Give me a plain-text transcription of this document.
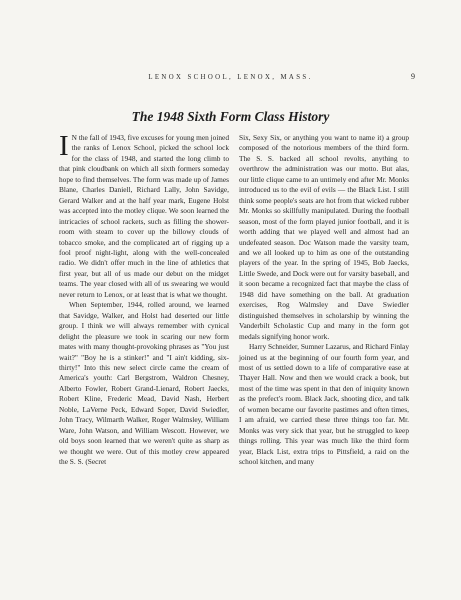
LENOX SCHOOL, LENOX, MASS.	9
The 1948 Sixth Form Class History

I N the fall of 1943, five excuses for young men joined the ranks of Lenox School, picked the school lock for the class of 1948, and started the long climb to that pink cloudbank on which all sixth formers someday hope to find themselves. The form was made up of James Blane, Charles Daniell, Richard Lally, John Savidge, Gerard Walker and at the half year mark, Eugene Holst was accepted into the motley clique. We soon learned the intricacies of school rackets, such as filling the shower-room with steam to cover up the billowy clouds of tobacco smoke, and the complicated art of rigging up a fool proof night-light, along with the well-concealed radio. We didn't offer much in the line of athletics that first year, but all of us made our debut on the midget teams. The year closed with all of us swearing we would never return to Lenox, or at least that is what we thought.

When September, 1944, rolled around, we learned that Savidge, Walker, and Holst had deserted our little group. I think we will always remember with cynical delight the pleasure we took in scaring our new form mates with many thought-provoking phrases as "You just wait?" "Boy he is a stinker!" and "I ain't kidding, six-thirty!" Into this new select circle came the cream of America's youth: Carl Bergstrom, Waldron Chesney, Alberto Fowler, Robert Grand-Lienard, Robert Jaecks, Robert Kline, Frederic Mead, David Nash, Herbert Noble, LaVerne Peck, Edward Soper, David Swiedler, John Tracy, Wilmarth Walker, Roger Walmsley, William Ware, John Watson, and William Wescott. However, we old boys soon learned that we weren't quite as sharp as we thought we were. Out of this motley crew appeared the S. S. (Secret

Six, Sexy Six, or anything you want to name it) a group composed of the notorious members of the third form. The S. S. backed all school revolts, anything to overthrow the administration was our motto. But alas, our little clique came to an untimely end after Mr. Monks introduced us to the evil of evils — the Black List. I still think some people's seats are hot from that wicked rubber Mr. Monks so skillfully manipulated. During the football season, most of the form played junior football, and it is worth adding that we played well and almost had an undefeated season. Doc Watson made the varsity team, and we all looked up to him as one of the outstanding players of the year. In the spring of 1945, Bob Jaecks, Little Swede, and Dock were out for varsity baseball, and it soon became a recognized fact that maybe the class of 1948 did have something on the ball. At graduation exercises, Rog Walmsley and Dave Swiedler distinguished themselves in scholarship by winning the Vanderbilt Scholastic Cup and many in the form got medals signifying honor work.

Harry Schneider, Sumner Lazarus, and Richard Finlay joined us at the beginning of our fourth form year, and most of us settled down to a life of comparative ease at Thayer Hall. Now and then we would crack a book, but most of the time was spent in that den of iniquity known as the prefect's room. Black Jack, shooting dice, and talk of women became our favorite pastimes and often times, I am afraid, we carried these three things too far. Mr. Monks was very sick that year, but he struggled to keep things rolling. This year was much like the third form year, Black List, extra trips to Pittsfield, a raid on the school kitchen, and many
